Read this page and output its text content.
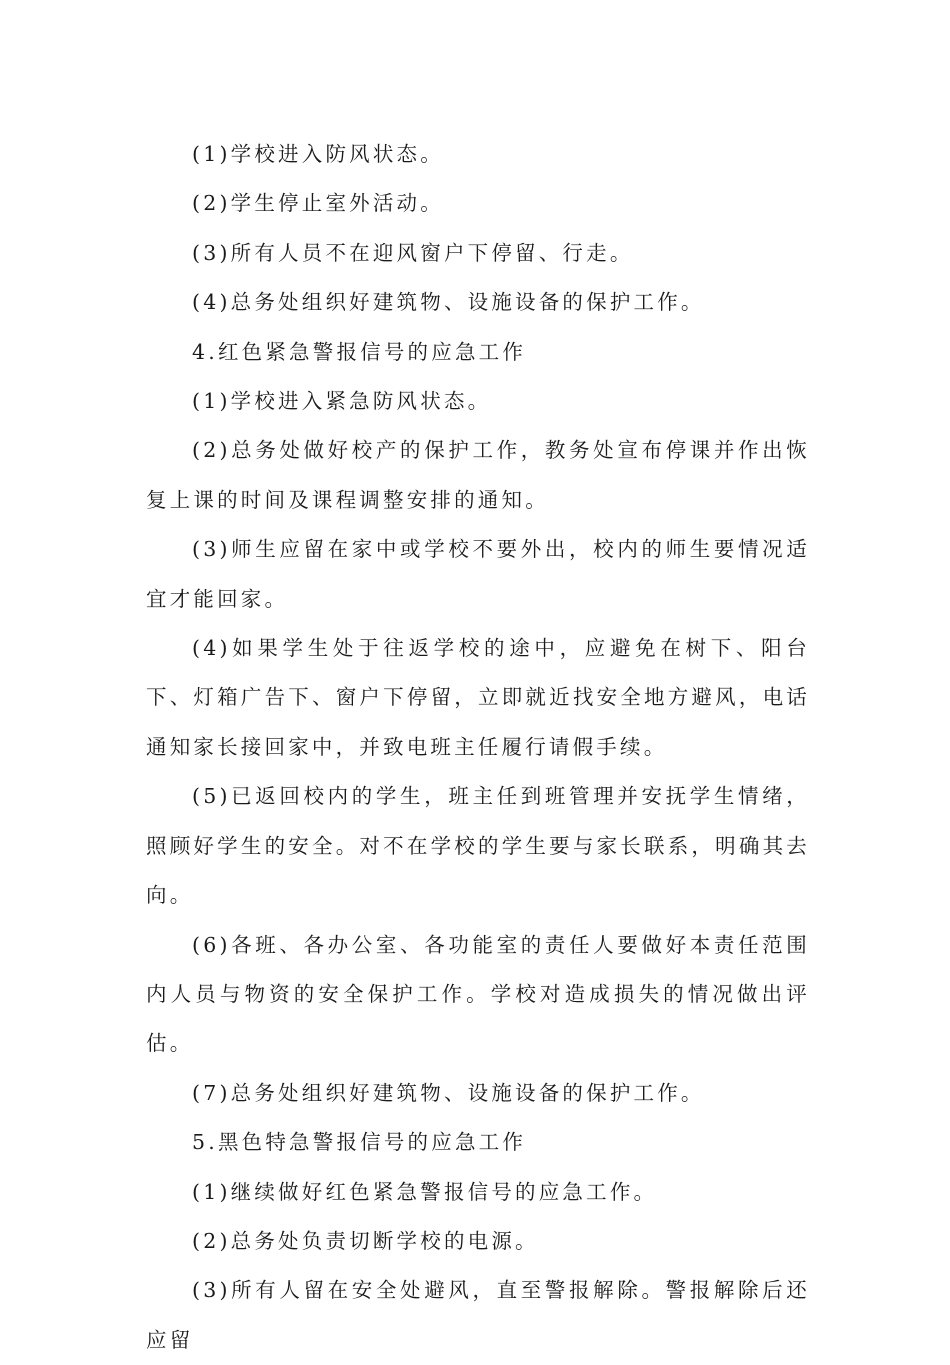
(1)学校进入防风状态。

(2)学生停止室外活动。

(3)所有人员不在迎风窗户下停留、行走。

(4)总务处组织好建筑物、设施设备的保护工作。

4.红色紧急警报信号的应急工作

(1)学校进入紧急防风状态。

(2)总务处做好校产的保护工作，教务处宣布停课并作出恢复上课的时间及课程调整安排的通知。

(3)师生应留在家中或学校不要外出，校内的师生要情况适宜才能回家。

(4)如果学生处于往返学校的途中，应避免在树下、阳台下、灯箱广告下、窗户下停留，立即就近找安全地方避风，电话通知家长接回家中，并致电班主任履行请假手续。

(5)已返回校内的学生，班主任到班管理并安抚学生情绪，照顾好学生的安全。对不在学校的学生要与家长联系，明确其去向。

(6)各班、各办公室、各功能室的责任人要做好本责任范围内人员与物资的安全保护工作。学校对造成损失的情况做出评估。

(7)总务处组织好建筑物、设施设备的保护工作。

5.黑色特急警报信号的应急工作

(1)继续做好红色紧急警报信号的应急工作。

(2)总务处负责切断学校的电源。

(3)所有人留在安全处避风，直至警报解除。警报解除后还应留
